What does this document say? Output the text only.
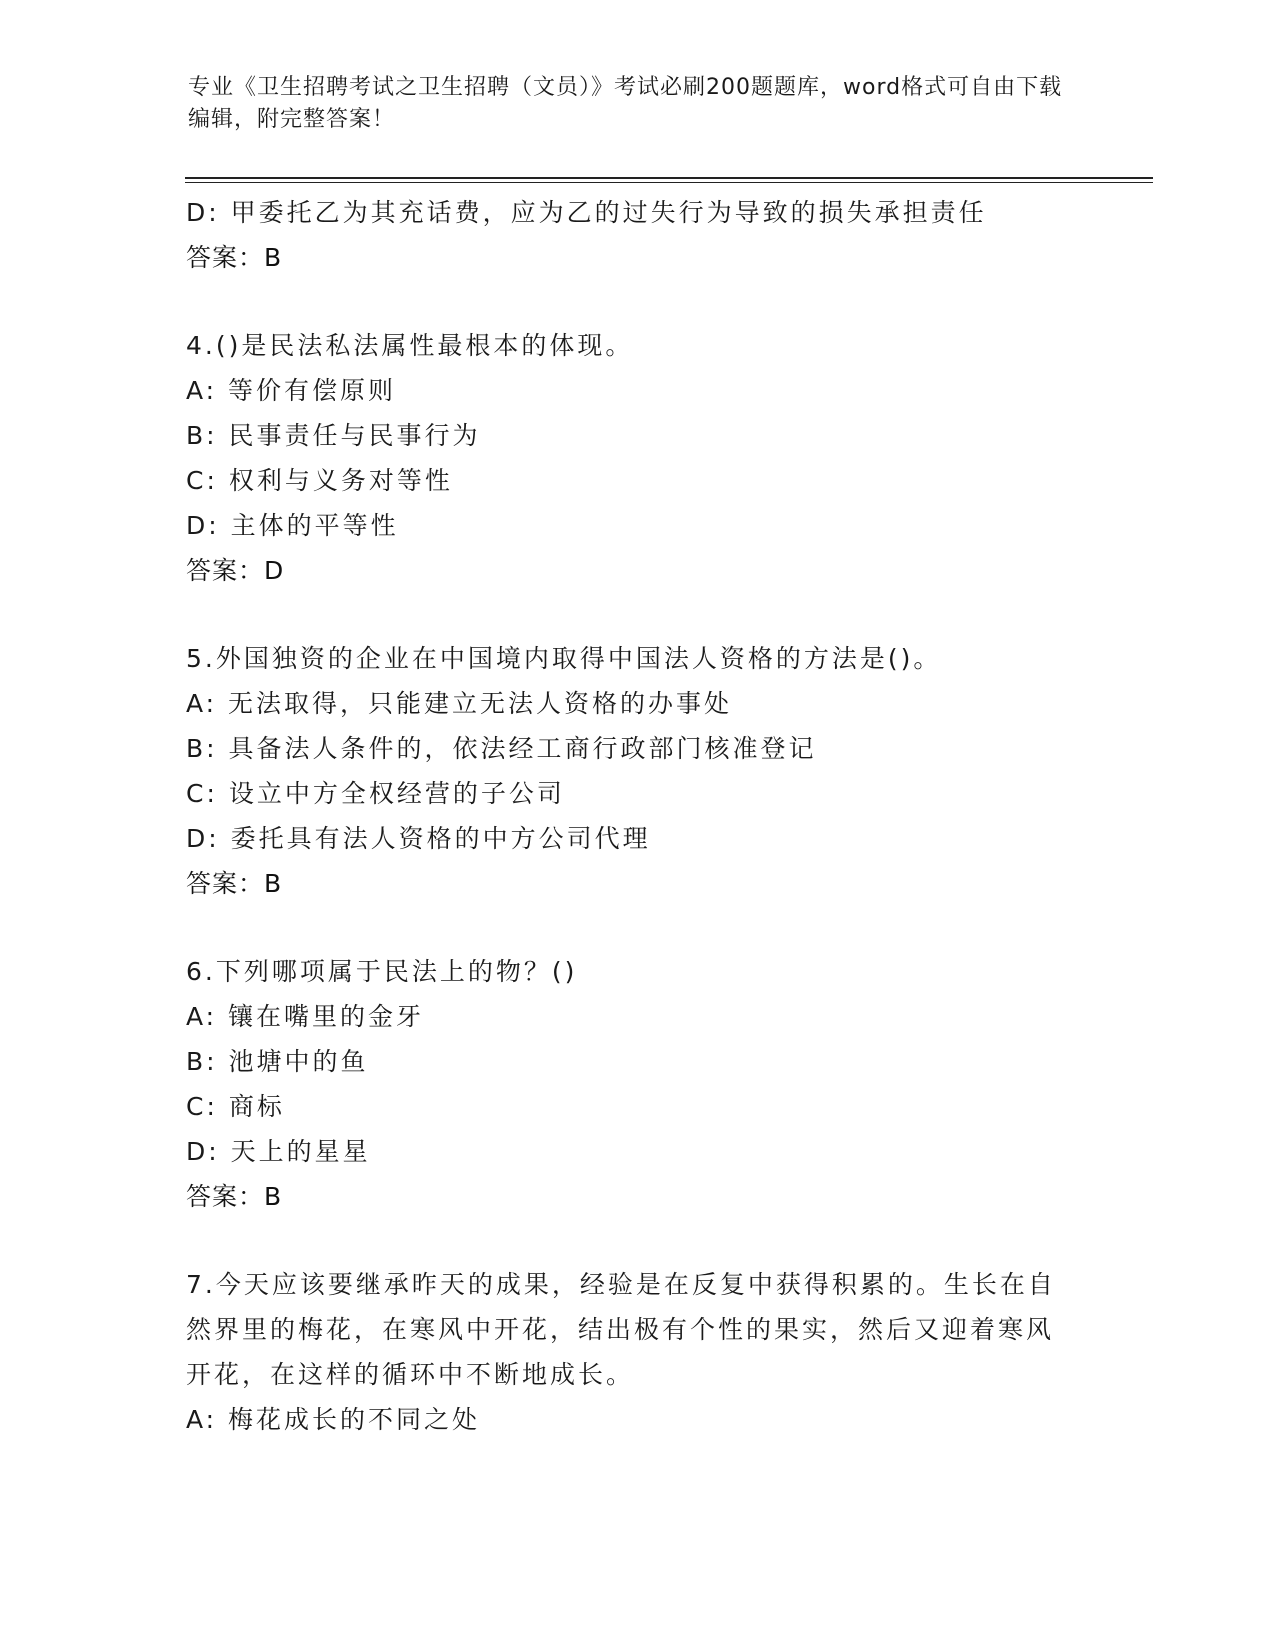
专业《卫生招聘考试之卫生招聘（文员）》考试必刷200题题库，word格式可自由下载编辑，附完整答案！
D: 甲委托乙为其充话费，应为乙的过失行为导致的损失承担责任
答案：B
4.()是民法私法属性最根本的体现。
A: 等价有偿原则
B: 民事责任与民事行为
C: 权利与义务对等性
D: 主体的平等性
答案：D
5.外国独资的企业在中国境内取得中国法人资格的方法是()。
A: 无法取得，只能建立无法人资格的办事处
B: 具备法人条件的，依法经工商行政部门核准登记
C: 设立中方全权经营的子公司
D: 委托具有法人资格的中方公司代理
答案：B
6.下列哪项属于民法上的物？()
A: 镶在嘴里的金牙
B: 池塘中的鱼
C: 商标
D: 天上的星星
答案：B
7.今天应该要继承昨天的成果，经验是在反复中获得积累的。生长在自然界里的梅花，在寒风中开花，结出极有个性的果实，然后又迎着寒风开花，在这样的循环中不断地成长。
A: 梅花成长的不同之处
